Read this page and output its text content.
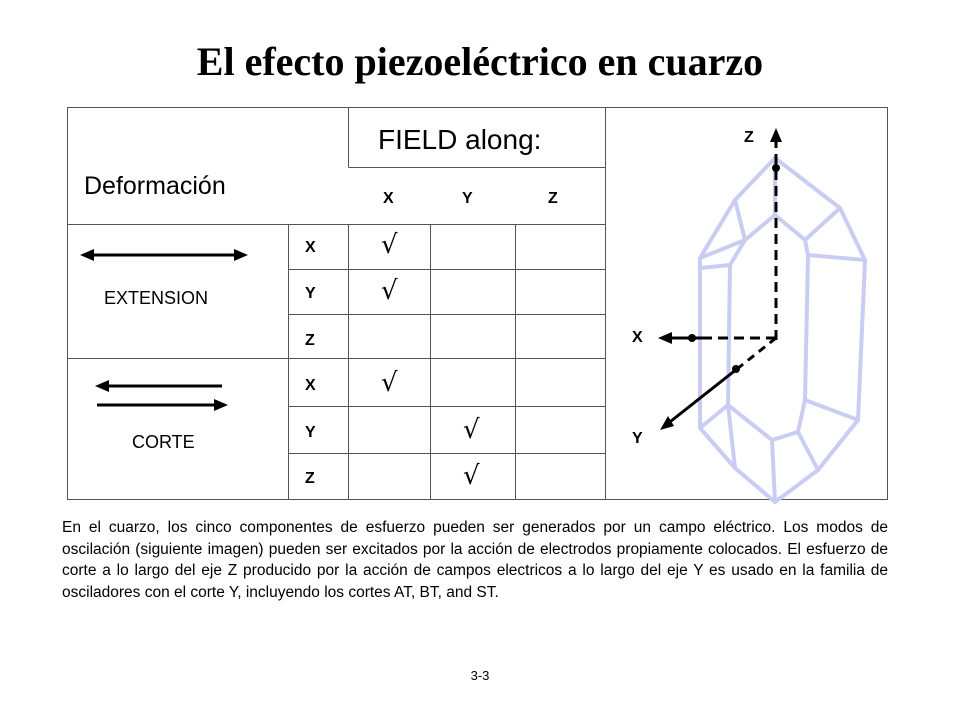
El efecto piezoeléctrico en cuarzo
Deformación
FIELD along:
X	Y	Z
EXTENSION
CORTE
X
Y
Z
X
Y
Z
√
√
√
√
√
Z
X
Y
En el cuarzo, los cinco componentes de esfuerzo pueden ser generados por un campo eléctrico. Los modos de oscilación (siguiente imagen) pueden ser excitados por la acción de electrodos propiamente colocados. El esfuerzo de corte a lo largo del eje Z producido por la acción de campos electricos a lo largo del eje Y es usado en la familia de osciladores con el corte Y, incluyendo los cortes AT, BT, and ST.
3-3
